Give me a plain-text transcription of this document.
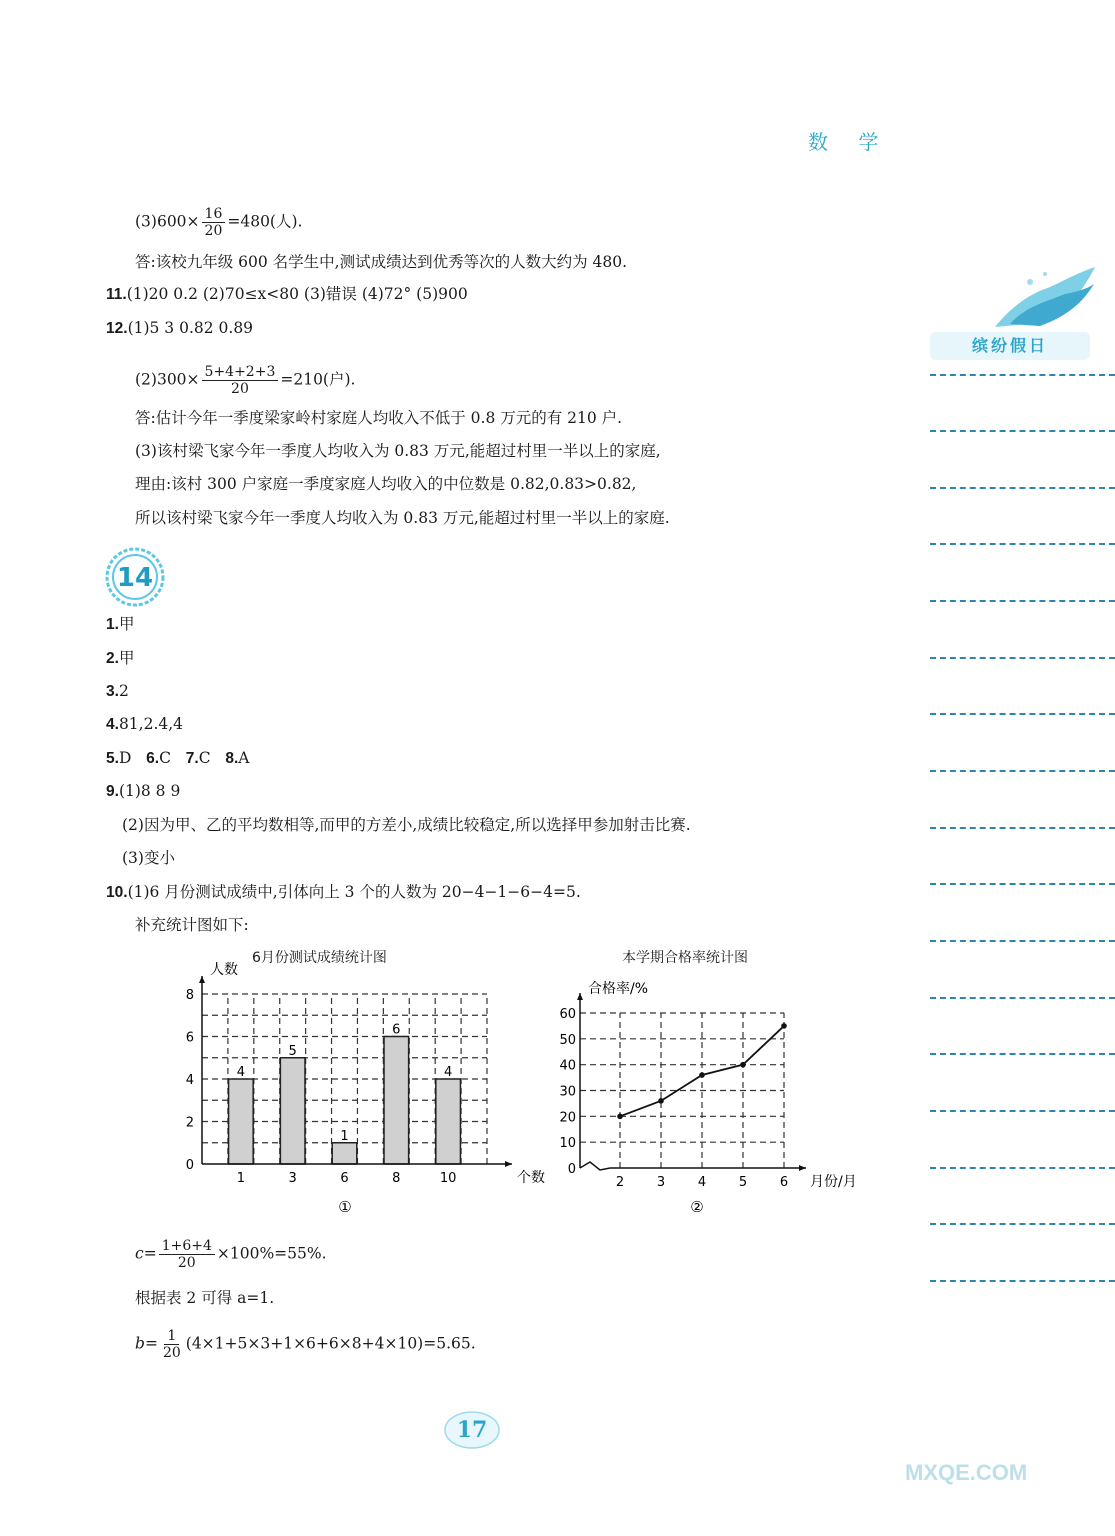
数 学
缤纷假日
$(3)600\times \frac{16}{20} =480$(人).
答:该校九年级 600 名学生中,测试成绩达到优秀等次的人数大约为 480.
11.(1)20 0.2 (2)70≤x<80 (3)错误 (4)72° (5)900
12.(1)5 3 0.82 0.89
$(2)300\times \frac{5+4+2+3}{20} =210$(户).
答:估计今年一季度梁家岭村家庭人均收入不低于 0.8 万元的有 210 户.
(3)该村梁飞家今年一季度人均收入为 0.83 万元,能超过村里一半以上的家庭,
理由:该村 300 户家庭一季度家庭人均收入的中位数是 0.82,0.83>0.82,
所以该村梁飞家今年一季度人均收入为 0.83 万元,能超过村里一半以上的家庭.
14
1.甲
2.甲
3.2
4.81,2.4,4
5.D 6.C 7.C 8.A
9.(1)8 8 9
(2)因为甲、乙的平均数相等,而甲的方差小,成绩比较稳定,所以选择甲参加射击比赛.
(3)变小
10.(1)6 月份测试成绩中,引体向上 3 个的人数为 20−4−1−6−4=5.
补充统计图如下:
6月份测试成绩统计图	本学期合格率统计图
4
1
5
3
1
6
6
8
4
10
0
2
4
6
8
人数
个数
①
2	3	4	5	6
0
10
20
30
40
50
60
合格率/%
月份/月
②
$c= \frac{1+6+4}{20} \times 100\%=55\%$.
根据表 2 可得 a=1.
$b= \frac{1}{20} (4\times 1+5\times 3+1\times 6+6\times 8+4\times 10)=5.65$.
17
MXQE.COM
